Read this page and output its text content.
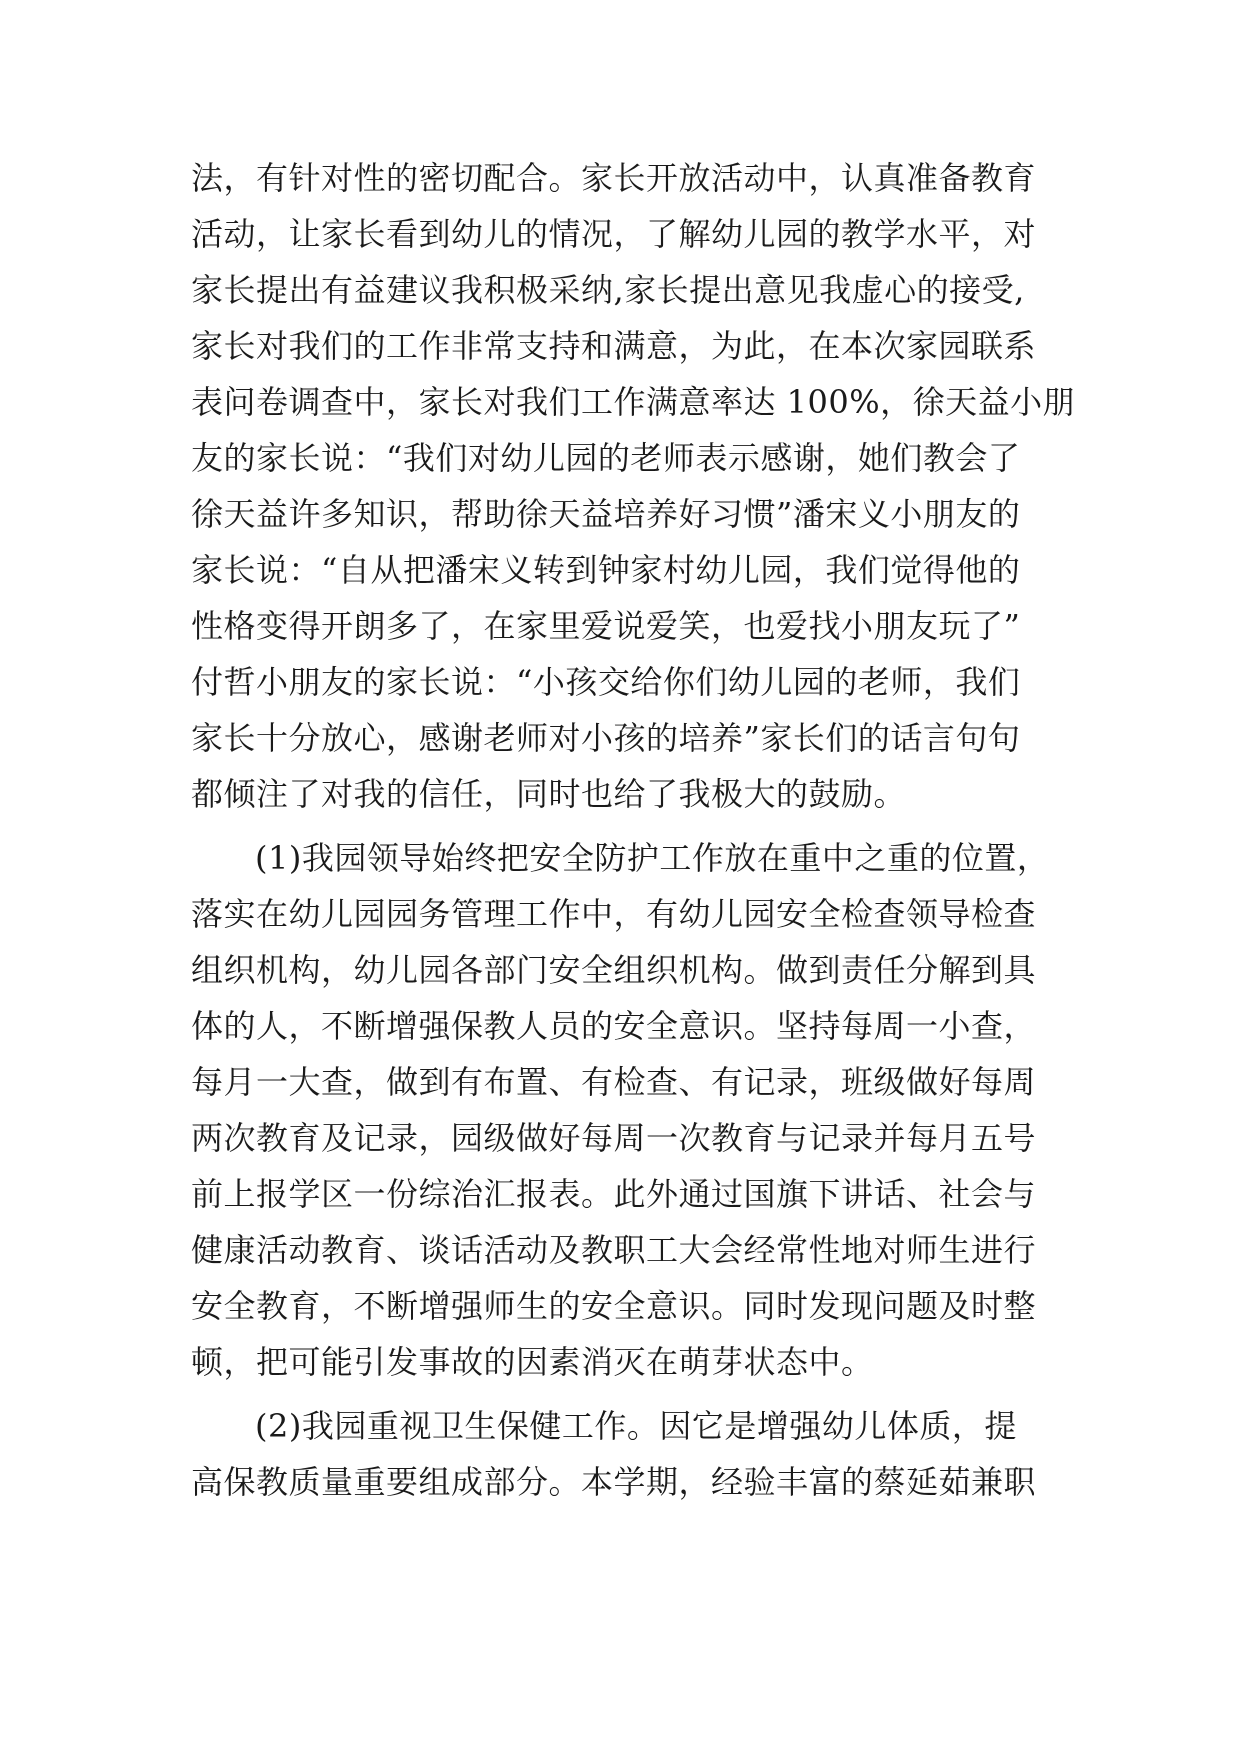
法，有针对性的密切配合。家长开放活动中，认真准备教育
活动，让家长看到幼儿的情况，了解幼儿园的教学水平，对
家长提出有益建议我积极采纳,家长提出意见我虚心的接受,
家长对我们的工作非常支持和满意，为此，在本次家园联系
表问卷调查中，家长对我们工作满意率达 100%，徐天益小朋
友的家长说：“我们对幼儿园的老师表示感谢，她们教会了
徐天益许多知识，帮助徐天益培养好习惯”潘宋义小朋友的
家长说：“自从把潘宋义转到钟家村幼儿园，我们觉得他的
性格变得开朗多了，在家里爱说爱笑，也爱找小朋友玩了”
付哲小朋友的家长说：“小孩交给你们幼儿园的老师，我们
家长十分放心，感谢老师对小孩的培养”家长们的话言句句
都倾注了对我的信任，同时也给了我极大的鼓励。
(1)我园领导始终把安全防护工作放在重中之重的位置，
落实在幼儿园园务管理工作中，有幼儿园安全检查领导检查
组织机构，幼儿园各部门安全组织机构。做到责任分解到具
体的人，不断增强保教人员的安全意识。坚持每周一小查，
每月一大查，做到有布置、有检查、有记录，班级做好每周
两次教育及记录，园级做好每周一次教育与记录并每月五号
前上报学区一份综治汇报表。此外通过国旗下讲话、社会与
健康活动教育、谈话活动及教职工大会经常性地对师生进行
安全教育，不断增强师生的安全意识。同时发现问题及时整
顿，把可能引发事故的因素消灭在萌芽状态中。
(2)我园重视卫生保健工作。因它是增强幼儿体质，提
高保教质量重要组成部分。本学期，经验丰富的蔡延茹兼职
